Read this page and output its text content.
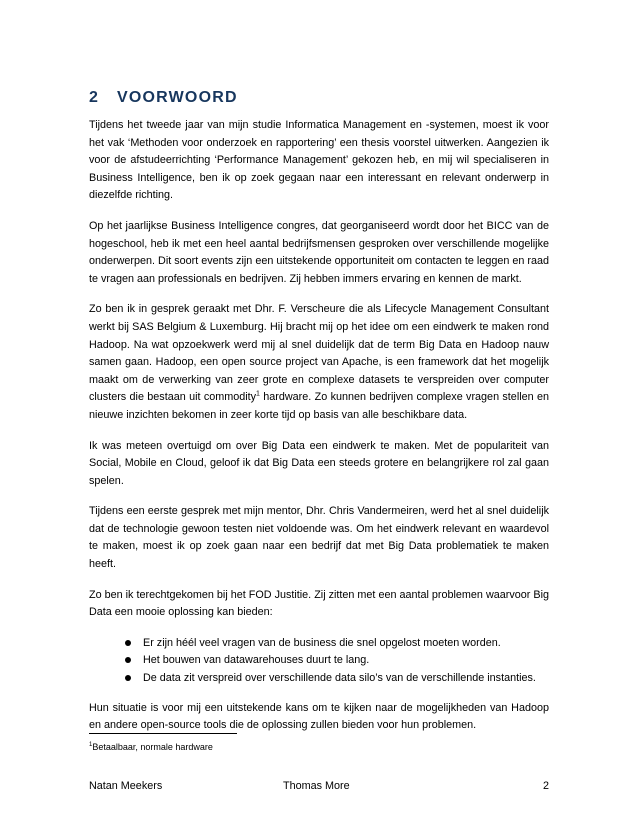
2 VOORWOORD

Tijdens het tweede jaar van mijn studie Informatica Management en -systemen, moest ik voor het vak ‘Methoden voor onderzoek en rapportering’ een thesis voorstel uitwerken. Aangezien ik voor de afstudeerrichting ‘Performance Management’ gekozen heb, en mij wil specialiseren in Business Intelligence, ben ik op zoek gegaan naar een interessant en relevant onderwerp in diezelfde richting.

Op het jaarlijkse Business Intelligence congres, dat georganiseerd wordt door het BICC van de hogeschool, heb ik met een heel aantal bedrijfsmensen gesproken over verschillende mogelijke onderwerpen. Dit soort events zijn een uitstekende opportuniteit om contacten te leggen en raad te vragen aan professionals en bedrijven. Zij hebben immers ervaring en kennen de markt.

Zo ben ik in gesprek geraakt met Dhr. F. Verscheure die als Lifecycle Management Consultant werkt bij SAS Belgium & Luxemburg. Hij bracht mij op het idee om een eindwerk te maken rond Hadoop. Na wat opzoekwerk werd mij al snel duidelijk dat de term Big Data en Hadoop nauw samen gaan. Hadoop, een open source project van Apache, is een framework dat het mogelijk maakt om de verwerking van zeer grote en complexe datasets te verspreiden over computer clusters die bestaan uit commodity$^1$ hardware. Zo kunnen bedrijven complexe vragen stellen en nieuwe inzichten bekomen in zeer korte tijd op basis van alle beschikbare data.

Ik was meteen overtuigd om over Big Data een eindwerk te maken. Met de populariteit van Social, Mobile en Cloud, geloof ik dat Big Data een steeds grotere en belangrijkere rol zal gaan spelen.

Tijdens een eerste gesprek met mijn mentor, Dhr. Chris Vandermeiren, werd het al snel duidelijk dat de technologie gewoon testen niet voldoende was. Om het eindwerk relevant en waardevol te maken, moest ik op zoek gaan naar een bedrijf dat met Big Data problematiek te maken heeft.

Zo ben ik terechtgekomen bij het FOD Justitie. Zij zitten met een aantal problemen waarvoor Big Data een mooie oplossing kan bieden:

Er zijn héél veel vragen van de business die snel opgelost moeten worden.
Het bouwen van datawarehouses duurt te lang.
De data zit verspreid over verschillende data silo’s van de verschillende instanties.

Hun situatie is voor mij een uitstekende kans om te kijken naar de mogelijkheden van Hadoop en andere open-source tools die de oplossing zullen bieden voor hun problemen.

$^1$Betaalbaar, normale hardware
Natan Meekers	Thomas More	2
